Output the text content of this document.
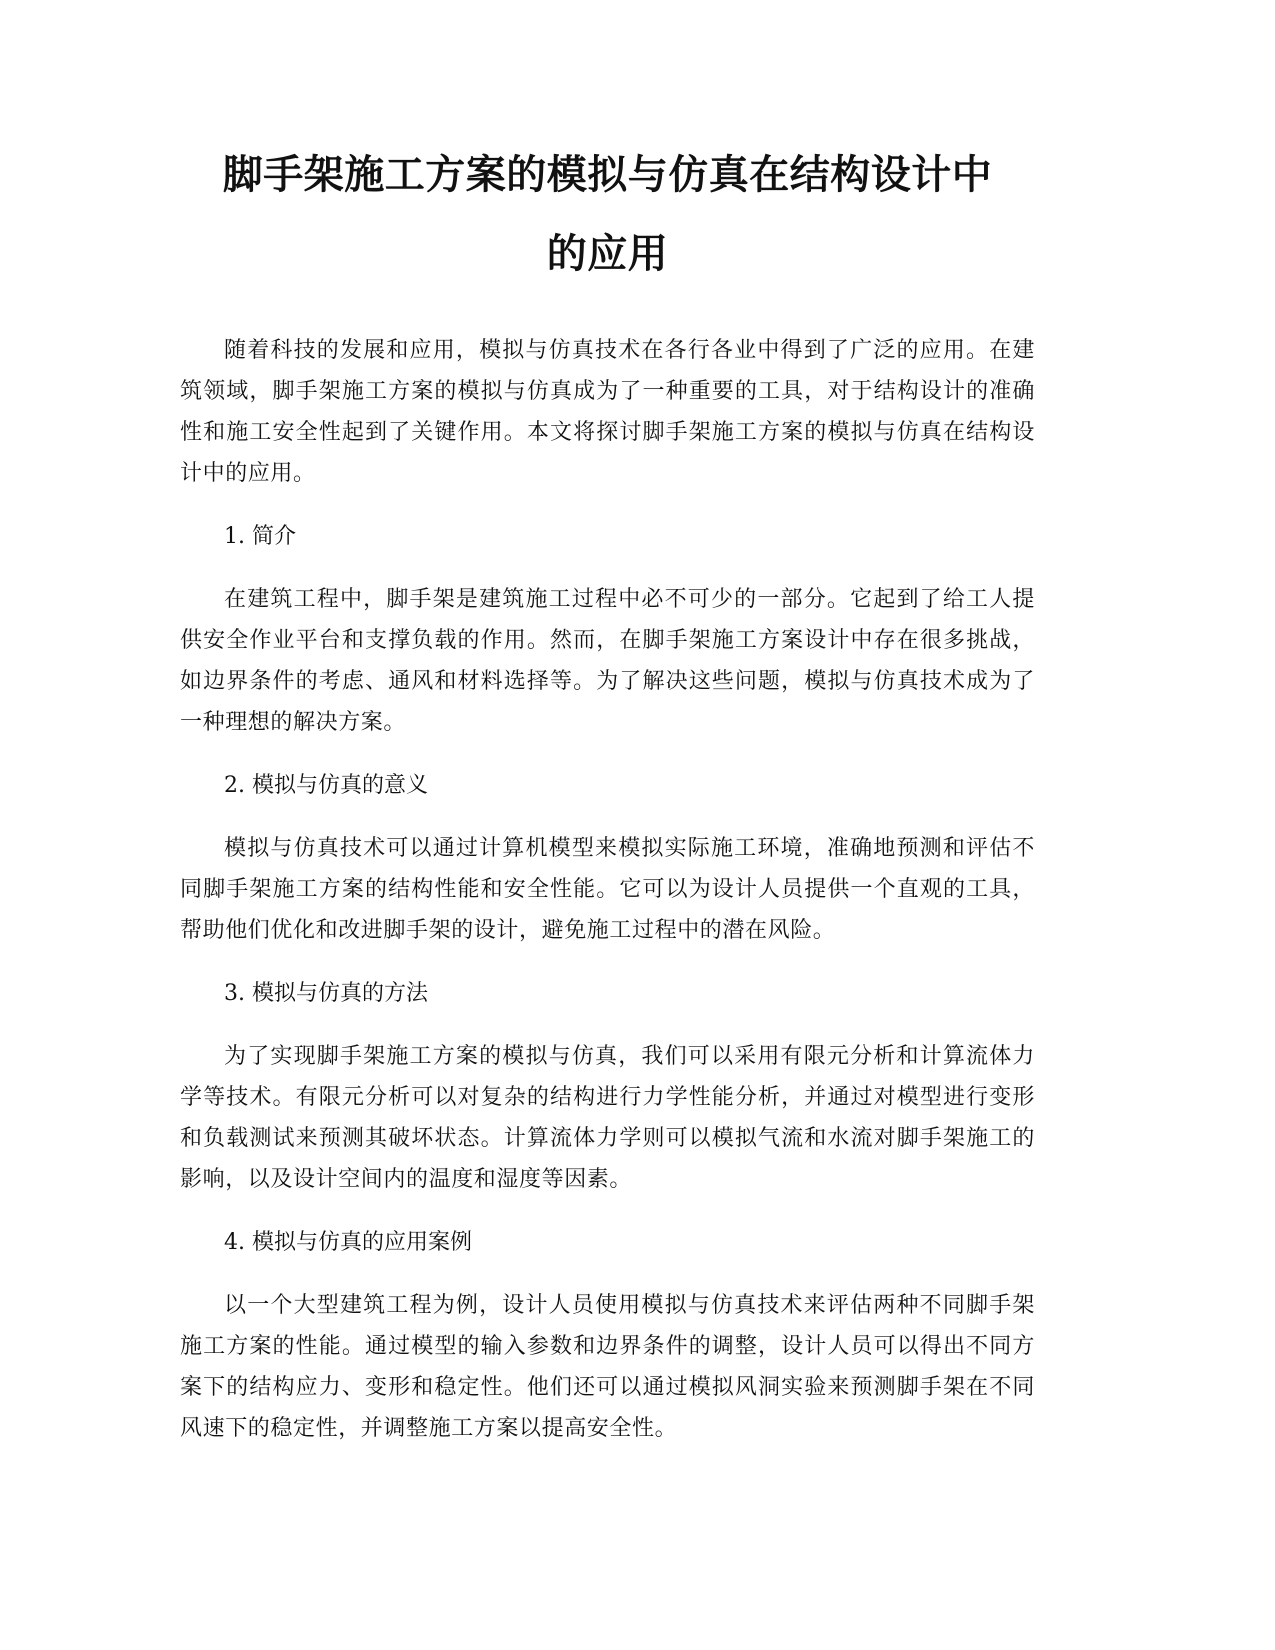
脚手架施工方案的模拟与仿真在结构设计中
的应用

随着科技的发展和应用，模拟与仿真技术在各行各业中得到了广泛的应用。在建筑领域，脚手架施工方案的模拟与仿真成为了一种重要的工具，对于结构设计的准确性和施工安全性起到了关键作用。本文将探讨脚手架施工方案的模拟与仿真在结构设计中的应用。

1. 简介

在建筑工程中，脚手架是建筑施工过程中必不可少的一部分。它起到了给工人提供安全作业平台和支撑负载的作用。然而，在脚手架施工方案设计中存在很多挑战，如边界条件的考虑、通风和材料选择等。为了解决这些问题，模拟与仿真技术成为了一种理想的解决方案。

2. 模拟与仿真的意义

模拟与仿真技术可以通过计算机模型来模拟实际施工环境，准确地预测和评估不同脚手架施工方案的结构性能和安全性能。它可以为设计人员提供一个直观的工具，帮助他们优化和改进脚手架的设计，避免施工过程中的潜在风险。

3. 模拟与仿真的方法

为了实现脚手架施工方案的模拟与仿真，我们可以采用有限元分析和计算流体力学等技术。有限元分析可以对复杂的结构进行力学性能分析，并通过对模型进行变形和负载测试来预测其破坏状态。计算流体力学则可以模拟气流和水流对脚手架施工的影响，以及设计空间内的温度和湿度等因素。

4. 模拟与仿真的应用案例

以一个大型建筑工程为例，设计人员使用模拟与仿真技术来评估两种不同脚手架施工方案的性能。通过模型的输入参数和边界条件的调整，设计人员可以得出不同方案下的结构应力、变形和稳定性。他们还可以通过模拟风洞实验来预测脚手架在不同风速下的稳定性，并调整施工方案以提高安全性。
